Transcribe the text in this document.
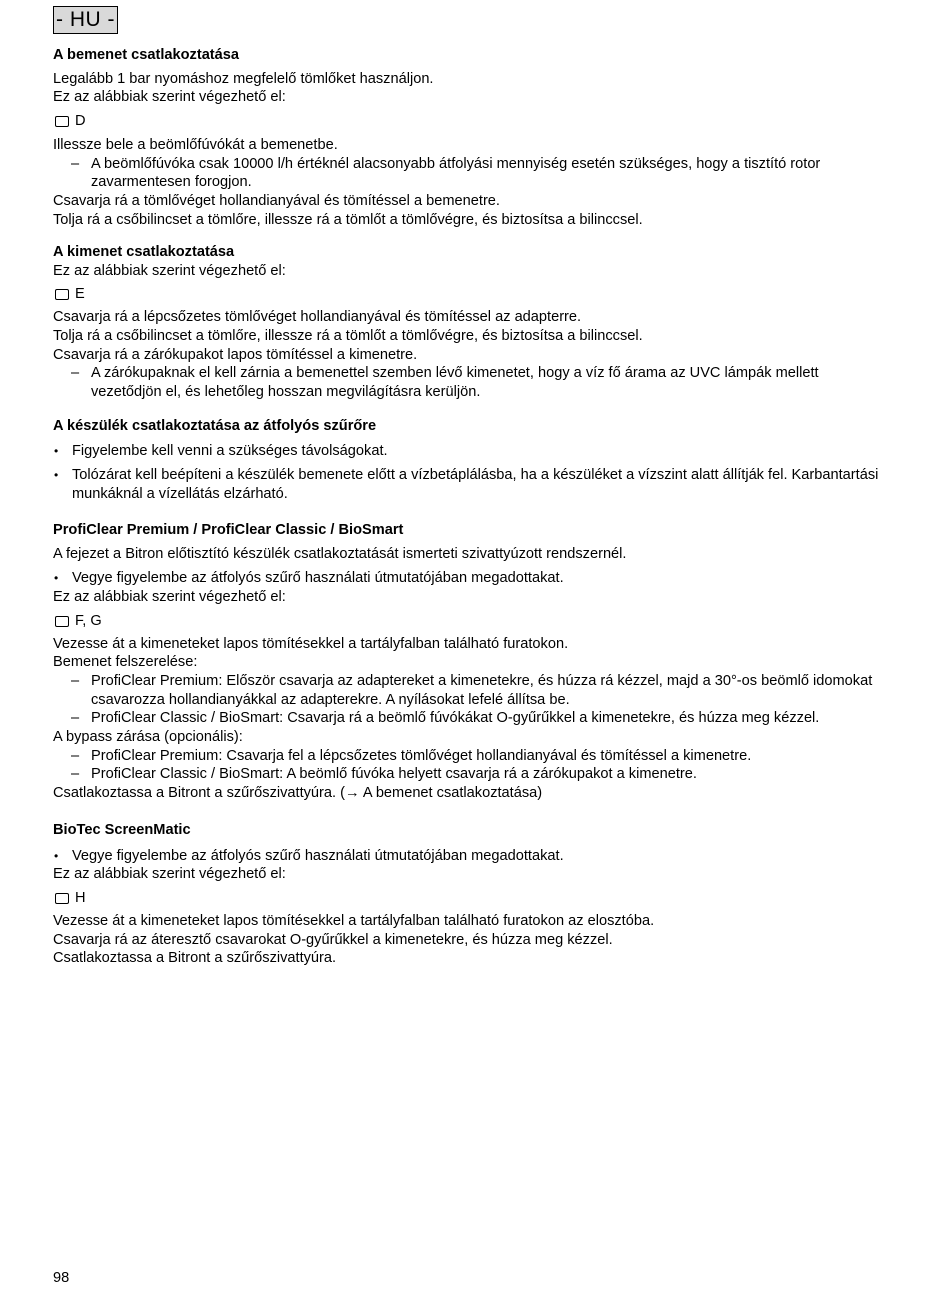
- HU -
A bemenet csatlakoztatása

Legalább 1 bar nyomáshoz megfelelő tömlőket használjon.

Ez az alábbiak szerint végezhető el:

D

Illessze bele a beömlőfúvókát a bemenetbe.

– A beömlőfúvóka csak 10000 l/h értéknél alacsonyabb átfolyási mennyiség esetén szükséges, hogy a tisztító rotor zavarmentesen forogjon.

Csavarja rá a tömlővéget hollandianyával és tömítéssel a bemenetre.

Tolja rá a csőbilincset a tömlőre, illessze rá a tömlőt a tömlővégre, és biztosítsa a bilinccsel.

A kimenet csatlakoztatása

Ez az alábbiak szerint végezhető el:

E

Csavarja rá a lépcsőzetes tömlővéget hollandianyával és tömítéssel az adapterre.

Tolja rá a csőbilincset a tömlőre, illessze rá a tömlőt a tömlővégre, és biztosítsa a bilinccsel.

Csavarja rá a zárókupakot lapos tömítéssel a kimenetre.

– A zárókupaknak el kell zárnia a bemenettel szemben lévő kimenetet, hogy a víz fő árama az UVC lámpák mellett vezetődjön el, és lehetőleg hosszan megvilágításra kerüljön.

A készülék csatlakoztatása az átfolyós szűrőre

• Figyelembe kell venni a szükséges távolságokat.

• Tolózárat kell beépíteni a készülék bemenete előtt a vízbetáplálásba, ha a készüléket a vízszint alatt állítják fel. Karbantartási munkáknál a vízellátás elzárható.

ProfiClear Premium / ProfiClear Classic / BioSmart

A fejezet a Bitron előtisztító készülék csatlakoztatását ismerteti szivattyúzott rendszernél.

• Vegye figyelembe az átfolyós szűrő használati útmutatójában megadottakat.

Ez az alábbiak szerint végezhető el:

F, G

Vezesse át a kimeneteket lapos tömítésekkel a tartályfalban található furatokon.

Bemenet felszerelése:

– ProfiClear Premium: Először csavarja az adaptereket a kimenetekre, és húzza rá kézzel, majd a 30°-os beömlő idomokat csavarozza hollandianyákkal az adapterekre. A nyílásokat lefelé állítsa be.

– ProfiClear Classic / BioSmart: Csavarja rá a beömlő fúvókákat O-gyűrűkkel a kimenetekre, és húzza meg kézzel.

A bypass zárása (opcionális):

– ProfiClear Premium: Csavarja fel a lépcsőzetes tömlővéget hollandianyával és tömítéssel a kimenetre.

– ProfiClear Classic / BioSmart: A beömlő fúvóka helyett csavarja rá a zárókupakot a kimenetre.

Csatlakoztassa a Bitront a szűrőszivattyúra. (→ A bemenet csatlakoztatása)

BioTec ScreenMatic

• Vegye figyelembe az átfolyós szűrő használati útmutatójában megadottakat.

Ez az alábbiak szerint végezhető el:

H

Vezesse át a kimeneteket lapos tömítésekkel a tartályfalban található furatokon az elosztóba.

Csavarja rá az áteresztő csavarokat O-gyűrűkkel a kimenetekre, és húzza meg kézzel.

Csatlakoztassa a Bitront a szűrőszivattyúra.

98
